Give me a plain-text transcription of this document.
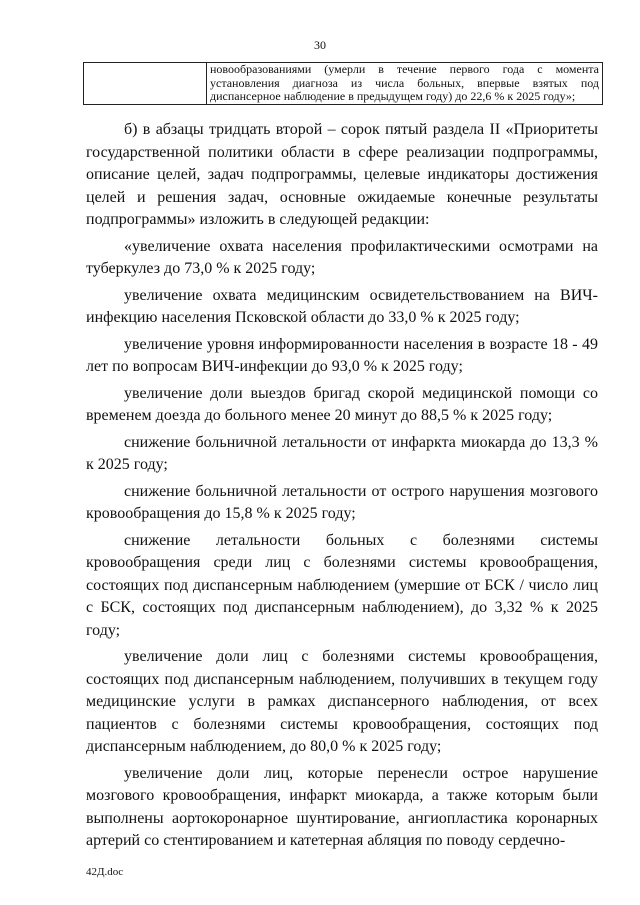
30
	новообразованиями (умерли в течение первого года с момента установления диагноза из числа больных, впервые взятых под диспансерное наблюдение в предыдущем году) до 22,6 % к 2025 году»;

б) в абзацы тридцать второй – сорок пятый раздела II «Приоритеты государственной политики области в сфере реализации подпрограммы, описание целей, задач подпрограммы, целевые индикаторы достижения целей и решения задач, основные ожидаемые конечные результаты подпрограммы» изложить в следующей редакции:

«увеличение охвата населения профилактическими осмотрами на туберкулез до 73,0 % к 2025 году;

увеличение охвата медицинским освидетельствованием на ВИЧ-инфекцию населения Псковской области до 33,0 % к 2025 году;

увеличение уровня информированности населения в возрасте 18 - 49 лет по вопросам ВИЧ-инфекции до 93,0 % к 2025 году;

увеличение доли выездов бригад скорой медицинской помощи со временем доезда до больного менее 20 минут до 88,5 % к 2025 году;

снижение больничной летальности от инфаркта миокарда до 13,3 % к 2025 году;

снижение больничной летальности от острого нарушения мозгового кровообращения до 15,8 % к 2025 году;

снижение летальности больных с болезнями системы кровообращения среди лиц с болезнями системы кровообращения, состоящих под диспансерным наблюдением (умершие от БСК / число лиц с БСК, состоящих под диспансерным наблюдением), до 3,32 % к 2025 году;

увеличение доли лиц с болезнями системы кровообращения, состоящих под диспансерным наблюдением, получивших в текущем году медицинские услуги в рамках диспансерного наблюдения, от всех пациентов с болезнями системы кровообращения, состоящих под диспансерным наблюдением, до 80,0 % к 2025 году;

увеличение доли лиц, которые перенесли острое нарушение мозгового кровообращения, инфаркт миокарда, а также которым были выполнены аортокоронарное шунтирование, ангиопластика коронарных артерий со стентированием и катетерная абляция по поводу сердечно-

42Д.doc
